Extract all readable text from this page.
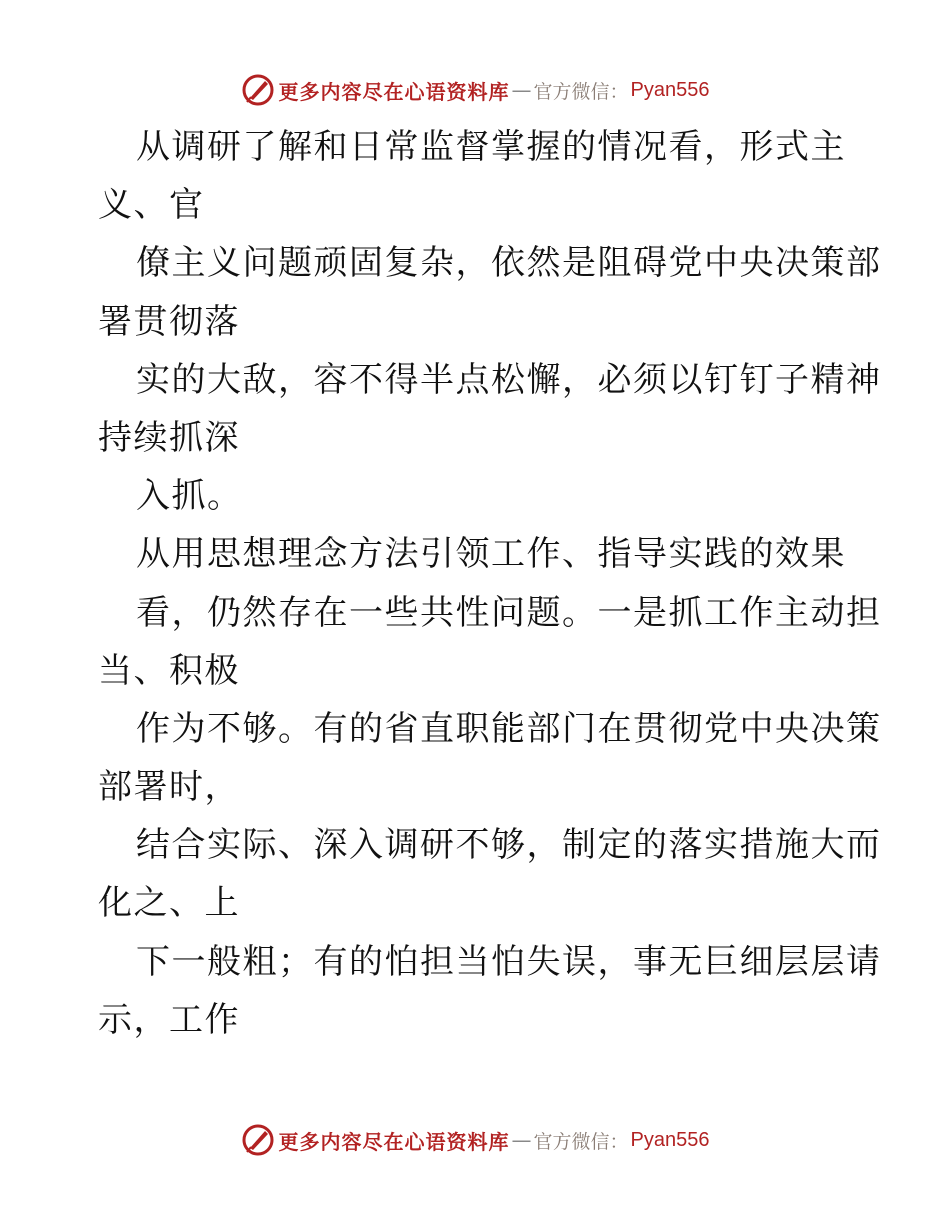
更多内容尽在心语资料库 — 官方微信： Pyan556
从调研了解和日常监督掌握的情况看，形式主
义、官
僚主义问题顽固复杂，依然是阻碍党中央决策部
署贯彻落
实的大敌，容不得半点松懈，必须以钉钉子精神
持续抓深
入抓。
从用思想理念方法引领工作、指导实践的效果
看，仍然存在一些共性问题。一是抓工作主动担
当、积极
作为不够。有的省直职能部门在贯彻党中央决策
部署时，
结合实际、深入调研不够，制定的落实措施大而
化之、上
下一般粗；有的怕担当怕失误，事无巨细层层请
示，工作
更多内容尽在心语资料库 — 官方微信： Pyan556
